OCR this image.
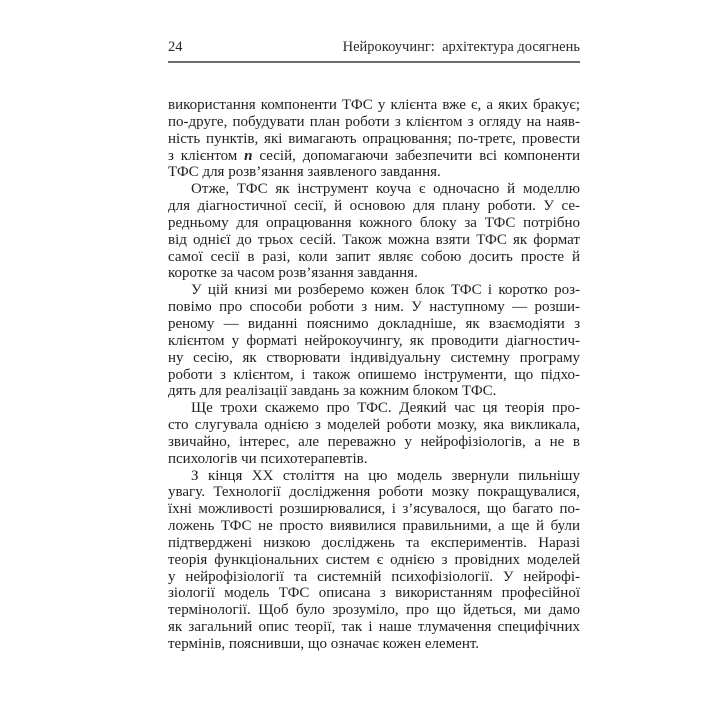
24	Нейрокоучинг:  архітектура досягнень
використання компоненти ТФС у клієнта вже є, а яких бракує;
по-друге, побудувати план роботи з клієнтом з огляду на наяв-
ність пунктів, які вимагають опрацювання; по-третє, провести
з клієнтом n сесій, допомагаючи забезпечити всі компоненти
ТФС для розв’язання заявленого завдання.
Отже, ТФС як інструмент коуча є одночасно й моделлю
для діагностичної сесії, й основою для плану роботи. У се-
редньому для опрацювання кожного блоку за ТФС потрібно
від однієї до трьох сесій. Також можна взяти ТФС як формат
самої сесії в разі, коли запит являє собою досить просте й
коротке за часом розв’язання завдання.
У цій книзі ми розберемо кожен блок ТФС і коротко роз-
повімо про способи роботи з ним. У наступному — розши-
реному — виданні пояснимо докладніше, як взаємодіяти з
клієнтом у форматі нейрокоучингу, як проводити діагностич-
ну сесію, як створювати індивідуальну системну програму
роботи з клієнтом, і також опишемо інструменти, що підхо-
дять для реалізації завдань за кожним блоком ТФС.
Ще трохи скажемо про ТФС. Деякий час ця теорія про-
сто слугувала однією з моделей роботи мозку, яка викликала,
звичайно, інтерес, але переважно у нейрофізіологів, а не в
психологів чи психотерапевтів.
З кінця ХХ століття на цю модель звернули пильнішу
увагу. Технології дослідження роботи мозку покращувалися,
їхні можливості розширювалися, і з’ясувалося, що багато по-
ложень ТФС не просто виявилися правильними, а ще й були
підтверджені низкою досліджень та експериментів. Наразі
теорія функціональних систем є однією з провідних моделей
у нейрофізіології та системній психофізіології. У нейрофі-
зіології модель ТФС описана з використанням професійної
термінології. Щоб було зрозуміло, про що йдеться, ми дамо
як загальний опис теорії, так і наше тлумачення специфічних
термінів, пояснивши, що означає кожен елемент.
